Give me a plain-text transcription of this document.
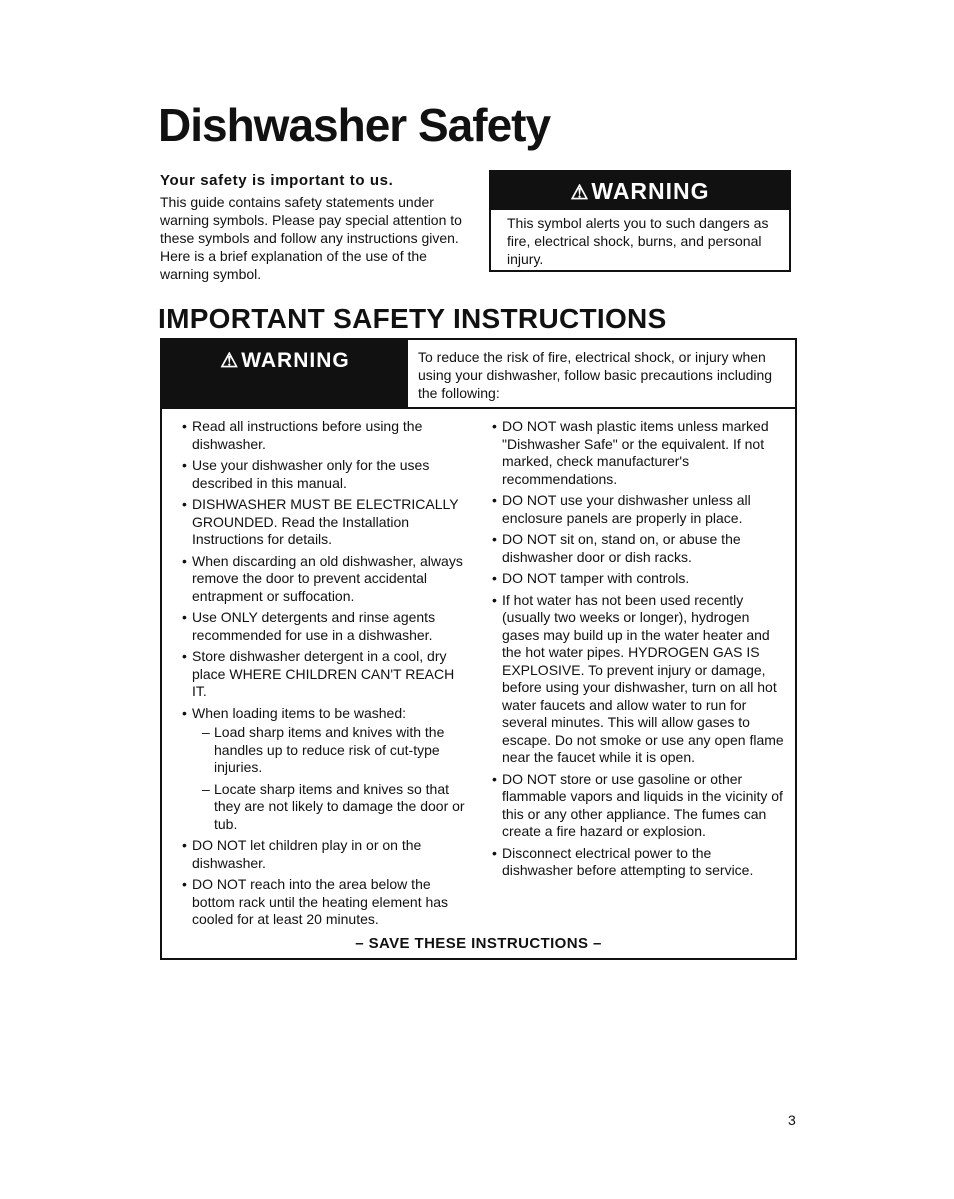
Dishwasher Safety
Your safety is important to us.

This guide contains safety statements under warning symbols. Please pay special attention to these symbols and follow any instructions given. Here is a brief explanation of the use of the warning symbol.

⚠WARNING

This symbol alerts you to such dangers as fire, electrical shock, burns, and personal injury.

IMPORTANT SAFETY INSTRUCTIONS
⚠WARNING	To reduce the risk of fire, electrical shock, or injury when using your dishwasher, follow basic precautions including the following:

• Read all instructions before using the dishwasher.
• Use your dishwasher only for the uses described in this manual.
• DISHWASHER MUST BE ELECTRICALLY GROUNDED. Read the Installation Instructions for details.
• When discarding an old dishwasher, always remove the door to prevent accidental entrapment or suffocation.
• Use ONLY detergents and rinse agents recommended for use in a dishwasher.
• Store dishwasher detergent in a cool, dry place WHERE CHILDREN CAN'T REACH IT.
• When loading items to be washed:
– Load sharp items and knives with the handles up to reduce risk of cut-type injuries.
– Locate sharp items and knives so that they are not likely to damage the door or tub.
• DO NOT let children play in or on the dishwasher.
• DO NOT reach into the area below the bottom rack until the heating element has cooled for at least 20 minutes.
• DO NOT wash plastic items unless marked "Dishwasher Safe" or the equivalent. If not marked, check manufacturer's recommendations.
• DO NOT use your dishwasher unless all enclosure panels are properly in place.
• DO NOT sit on, stand on, or abuse the dishwasher door or dish racks.
• DO NOT tamper with controls.
• If hot water has not been used recently (usually two weeks or longer), hydrogen gases may build up in the water heater and the hot water pipes. HYDROGEN GAS IS EXPLOSIVE. To prevent injury or damage, before using your dishwasher, turn on all hot water faucets and allow water to run for several minutes. This will allow gases to escape. Do not smoke or use any open flame near the faucet while it is open.
• DO NOT store or use gasoline or other flammable vapors and liquids in the vicinity of this or any other appliance. The fumes can create a fire hazard or explosion.
• Disconnect electrical power to the dishwasher before attempting to service.

– SAVE THESE INSTRUCTIONS –

3
